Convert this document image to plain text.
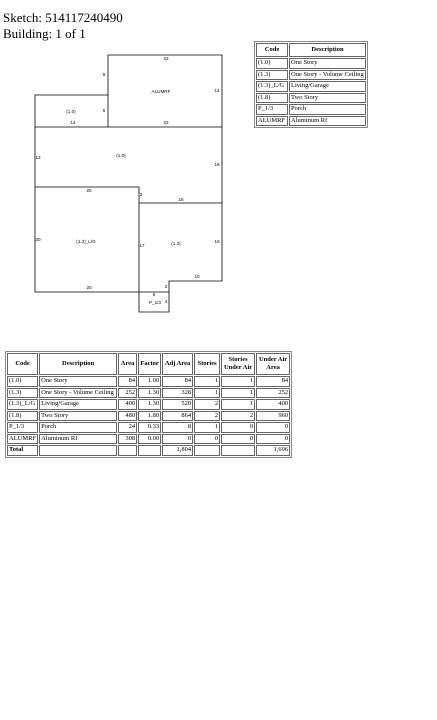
Sketch: 514117240490
Building: 1 of 1
Code	Description
(1.0)	One Story
(1.3)	One Story - Volume Ceiling
(1.3)_L/G	Living/Garage
(1.8)	Two Story
P_1/3	Porch
ALUMRF	Aluminum Rf
22
6
14
14
6
22
12
16
20
3
16
20
17
16
10
20	2
6
4
ALUMRF
(1.0)
(1.0)
(1.3)_L/G	(1.3)
P_1/3
Code	Description	Area	Factor	Adj Area	Stories	Stories Under Air	Under Air Area
(1.0)	One Story	84	1.00	84	1	1	84
(1.3)	One Story - Volume Ceiling	252	1.30	328	1	1	252
(1.3)_L/G	Living/Garage	400	1.30	520	2	1	400
(1.8)	Two Story	480	1.80	864	2	2	960
P_1/3	Porch	24	0.33	8	1	0	0
ALUMRF	Aluminum Rf	308	0.00	0	0	0	0
Total				1,804			1,696
